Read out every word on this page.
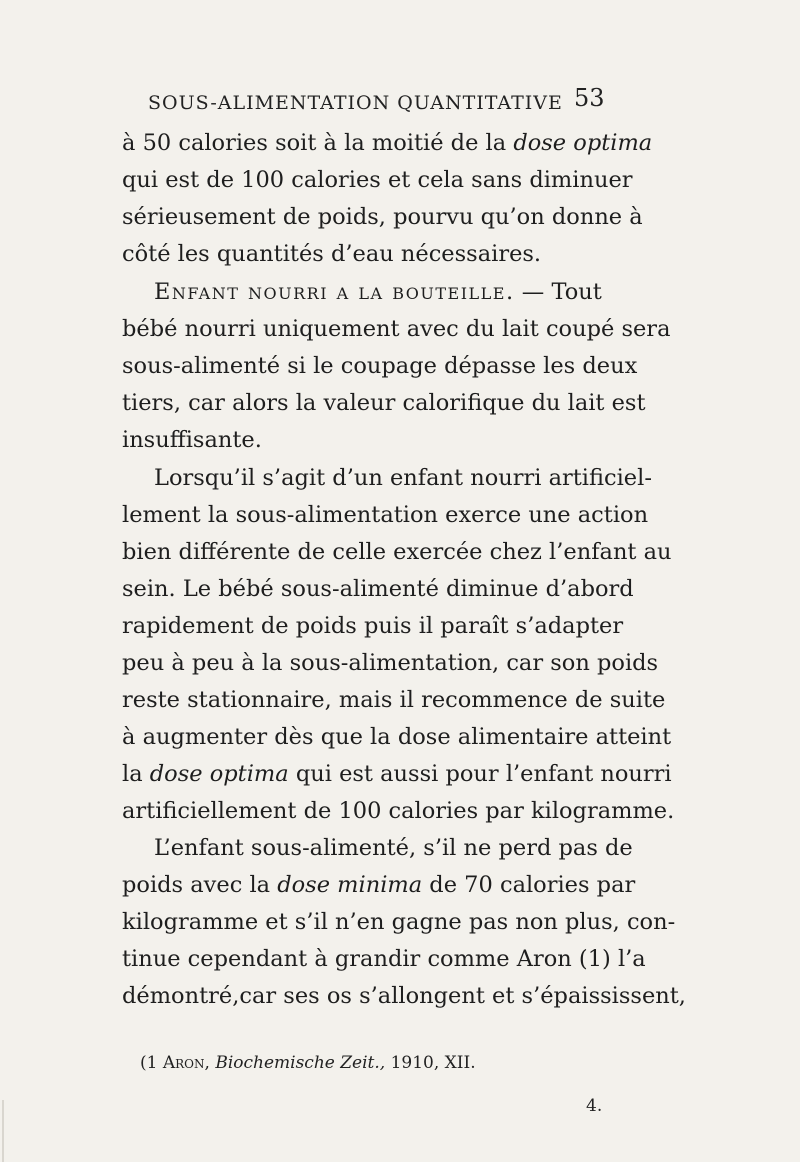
SOUS-ALIMENTATION QUANTITATIVE 53
à 50 calories soit à la moitié de la dose optima
qui est de 100 calories et cela sans diminuer
sérieusement de poids, pourvu qu’on donne à
côté les quantités d’eau nécessaires.
Enfant nourri a la bouteille. — Tout
bébé nourri uniquement avec du lait coupé sera
sous-alimenté si le coupage dépasse les deux
tiers, car alors la valeur calorifique du lait est
insuffisante.
Lorsqu’il s’agit d’un enfant nourri artificiel-
lement la sous-alimentation exerce une action
bien différente de celle exercée chez l’enfant au
sein. Le bébé sous-alimenté diminue d’abord
rapidement de poids puis il paraît s’adapter
peu à peu à la sous-alimentation, car son poids
reste stationnaire, mais il recommence de suite
à augmenter dès que la dose alimentaire atteint
la dose optima qui est aussi pour l’enfant nourri
artificiellement de 100 calories par kilogramme.
L’enfant sous-alimenté, s’il ne perd pas de
poids avec la dose minima de 70 calories par
kilogramme et s’il n’en gagne pas non plus, con-
tinue cependant à grandir comme Aron (1) l’a
démontré,car ses os s’allongent et s’épaississent,
(1 Aron, Biochemische Zeit., 1910, XII.
4.
